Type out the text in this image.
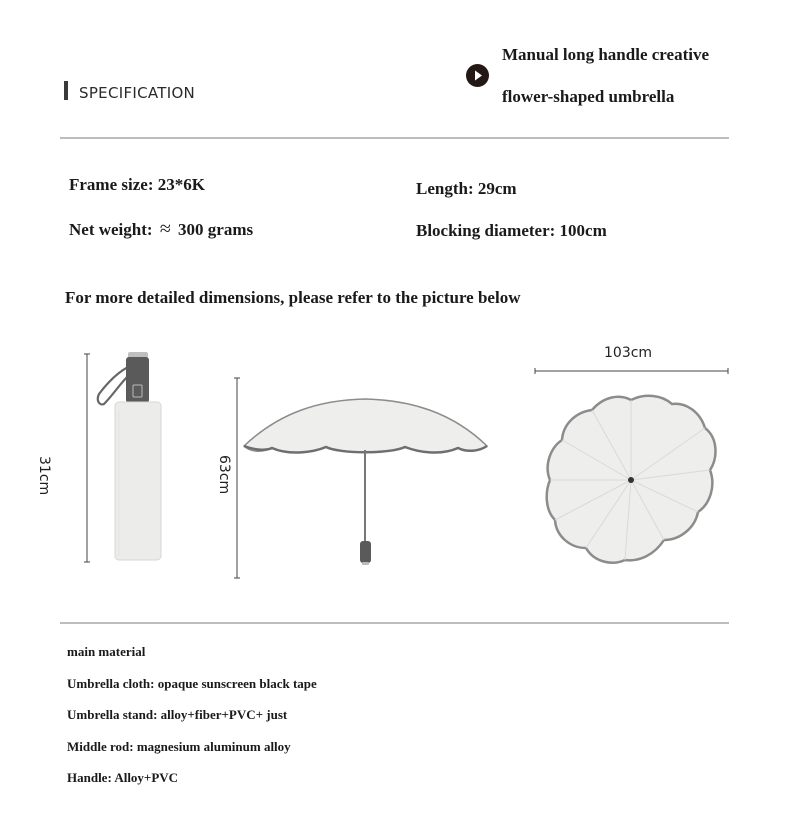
SPECIFICATION
Manual long handle creative
flower-shaped umbrella
Frame size: 23*6K	Length: 29cm
Net weight: ≈ 300 grams	Blocking diameter: 100cm
For more detailed dimensions, please refer to the picture below
31cm	63cm
103cm
main material
Umbrella cloth: opaque sunscreen black tape
Umbrella stand: alloy+fiber+PVC+ just
Middle rod: magnesium aluminum alloy
Handle: Alloy+PVC
